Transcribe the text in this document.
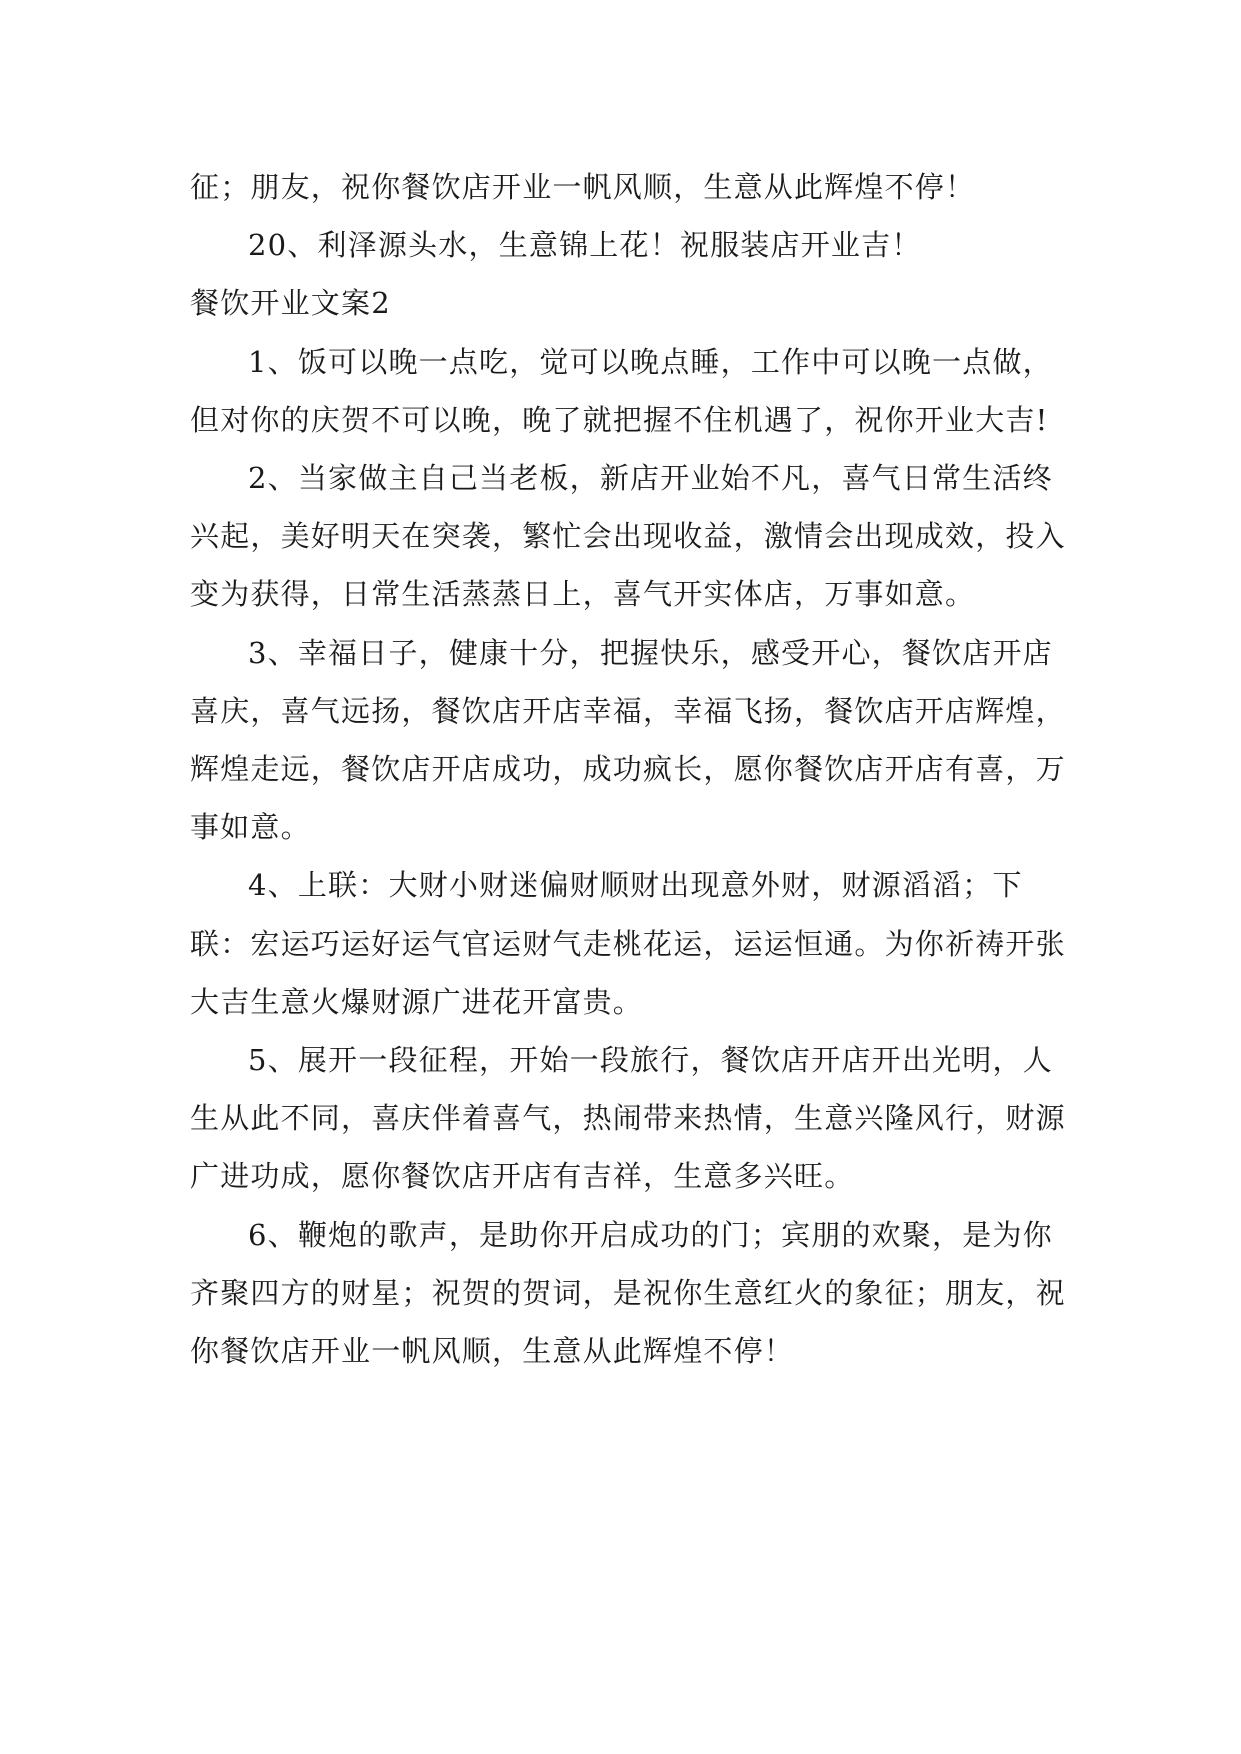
征；朋友，祝你餐饮店开业一帆风顺，生意从此辉煌不停！

20、利泽源头水，生意锦上花！祝服装店开业吉！

餐饮开业文案2

1、饭可以晚一点吃，觉可以晚点睡，工作中可以晚一点做，但对你的庆贺不可以晚，晚了就把握不住机遇了，祝你开业大吉!

2、当家做主自己当老板，新店开业始不凡，喜气日常生活终兴起，美好明天在突袭，繁忙会出现收益，激情会出现成效，投入变为获得，日常生活蒸蒸日上，喜气开实体店，万事如意。

3、幸福日子，健康十分，把握快乐，感受开心，餐饮店开店喜庆，喜气远扬，餐饮店开店幸福，幸福飞扬，餐饮店开店辉煌，辉煌走远，餐饮店开店成功，成功疯长，愿你餐饮店开店有喜，万事如意。

4、上联：大财小财迷偏财顺财出现意外财，财源滔滔；下联：宏运巧运好运气官运财气走桃花运，运运恒通。为你祈祷开张大吉生意火爆财源广进花开富贵。

5、展开一段征程，开始一段旅行，餐饮店开店开出光明，人生从此不同，喜庆伴着喜气，热闹带来热情，生意兴隆风行，财源广进功成，愿你餐饮店开店有吉祥，生意多兴旺。

6、鞭炮的歌声，是助你开启成功的门；宾朋的欢聚，是为你齐聚四方的财星；祝贺的贺词，是祝你生意红火的象征；朋友，祝你餐饮店开业一帆风顺，生意从此辉煌不停！
